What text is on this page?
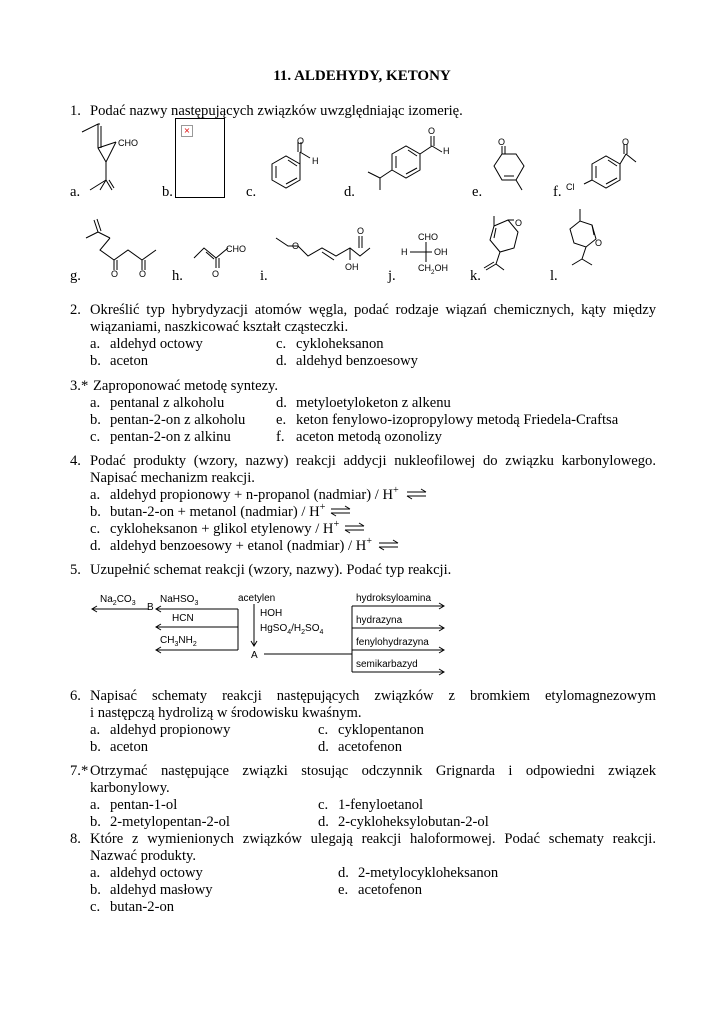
11. ALDEHYDY, KETONY
1. Podać nazwy następujących związków uwzględniając izomerię.
CHO
×
O
H
O
H
O
Cl
O
a.	b.	c.	d.	e.	f.
O O
CHO
O
O
O
OH
CHO
H	OH
$CH_2OH$
O
O
g.	h.	i.	j.	k.	l.
2. Określić typ hybrydyzacji atomów węgla, podać rodzaje wiązań chemicznych, kąty między
wiązaniami, naszkicować kształt cząsteczki.
a. aldehyd octowy	c. cykloheksanon
b. aceton	d. aldehyd benzoesowy
3.* Zaproponować metodę syntezy.
a. pentanal z alkoholu	d. metyloetyloketon z alkenu
b. pentan-2-on z alkoholu e. keton fenylowo-izopropylowy metodą Friedela-Craftsa
c. pentan-2-on z alkinu	f. aceton metodą ozonolizy
4. Podać produkty (wzory, nazwy) reakcji addycji nukleofilowej do związku karbonylowego.
Napisać mechanizm reakcji.
a. aldehyd propionowy + n-propanol (nadmiar) / H+ ⇌
b. butan-2-on + metanol (nadmiar) / H+ ⇌
c. cykloheksanon + glikol etylenowy / H+ ⇌
d. aldehyd benzoesowy + etanol (nadmiar) / H+ ⇌
5. Uzupełnić schemat reakcji (wzory, nazwy). Podać typ reakcji.
$Na_2CO_3$ B
NaHSO$_3$
HCN
$CH_3NH_2$
acetylen
HOH
$HgSO_4/H_2SO_4$
A
hydroksyloamina
hydrazyna
fenylohydrazyna
semikarbazyd
6. Napisać schematy reakcji następujących związków z bromkiem etylomagnezowym
i następczą hydrolizą w środowisku kwaśnym.
a. aldehyd propionowy	c. cyklopentanon
b. aceton	d. acetofenon
7.* Otrzymać następujące związki stosując odczynnik Grignarda i odpowiedni związek
karbonylowy.
a. pentan-1-ol	c. 1-fenyloetanol
b. 2-metylopentan-2-ol	d. 2-cykloheksylobutan-2-ol
8. Które z wymienionych związków ulegają reakcji haloformowej. Podać schematy reakcji.
Nazwać produkty.
a. aldehyd octowy	d. 2-metylocykloheksanon
b. aldehyd masłowy	e. acetofenon
c. butan-2-on
